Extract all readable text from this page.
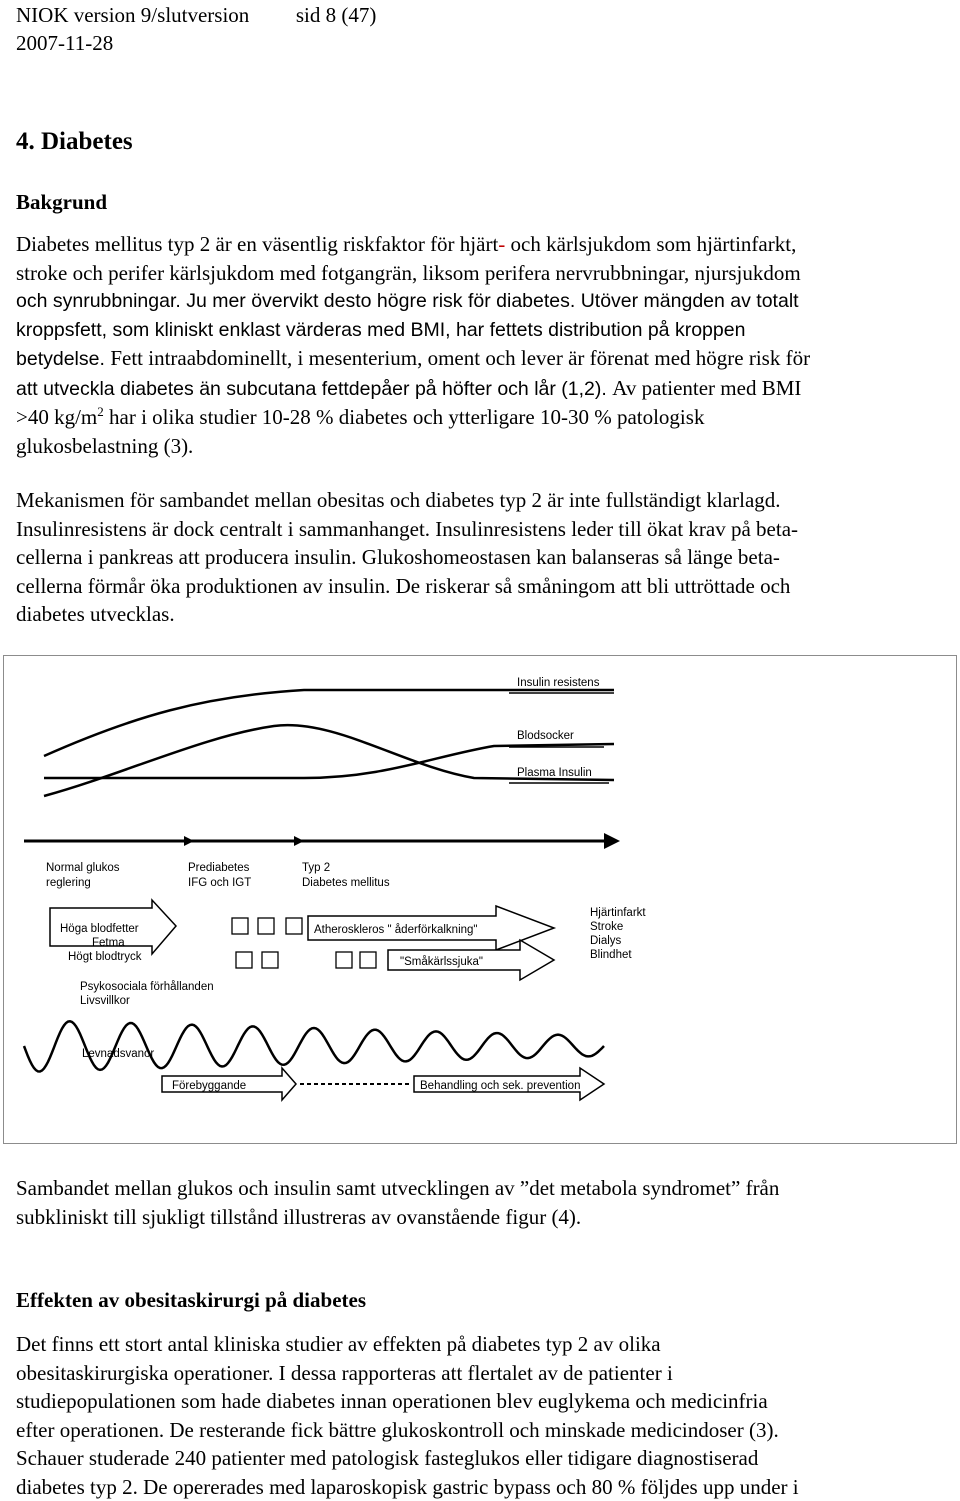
NIOK version 9/slutversion sid 8 (47)
2007-11-28
4. Diabetes
Bakgrund

Diabetes mellitus typ 2 är en väsentlig riskfaktor för hjärt- och kärlsjukdom som hjärtinfarkt,
stroke och perifer kärlsjukdom med fotgangrän, liksom perifera nervrubbningar, njursjukdom
och synrubbningar. Ju mer övervikt desto högre risk för diabetes. Utöver mängden av totalt
kroppsfett, som kliniskt enklast värderas med BMI, har fettets distribution på kroppen
betydelse. Fett intraabdominellt, i mesenterium, oment och lever är förenat med högre risk för
att utveckla diabetes än subcutana fettdepåer på höfter och lår (1,2). Av patienter med BMI
>40 $kg/m^2$ har i olika studier 10-28 % diabetes och ytterligare 10-30 % patologisk
glukosbelastning (3).

Mekanismen för sambandet mellan obesitas och diabetes typ 2 är inte fullständigt klarlagd.
Insulinresistens är dock centralt i sammanhanget. Insulinresistens leder till ökat krav på beta-
cellerna i pankreas att producera insulin. Glukoshomeostasen kan balanseras så länge beta-
cellerna förmår öka produktionen av insulin. De riskerar så småningom att bli uttröttade och
diabetes utvecklas.

Insulin resistens
Blodsocker
Plasma Insulin
Normal glukos
reglering
Prediabetes
IFG och IGT
Typ 2
Diabetes mellitus
Höga blodfetter
Fetma
Högt blodtryck
Atheroskleros " åderförkalkning"
"Småkärlssjuka"
Hjärtinfarkt
Stroke
Dialys
Blindhet
Psykosociala förhållanden
Livsvillkor
Levnadsvanor
Förebyggande	Behandling och sek. prevention

Sambandet mellan glukos och insulin samt utvecklingen av ”det metabola syndromet” från
subkliniskt till sjukligt tillstånd illustreras av ovanstående figur (4).

Effekten av obesitaskirurgi på diabetes

Det finns ett stort antal kliniska studier av effekten på diabetes typ 2 av olika
obesitaskirurgiska operationer. I dessa rapporteras att flertalet av de patienter i
studiepopulationen som hade diabetes innan operationen blev euglykema och medicinfria
efter operationen. De resterande fick bättre glukoskontroll och minskade medicindoser (3).
Schauer studerade 240 patienter med patologisk fasteglukos eller tidigare diagnostiserad
diabetes typ 2. De opererades med laparoskopisk gastric bypass och 80 % följdes upp under i
